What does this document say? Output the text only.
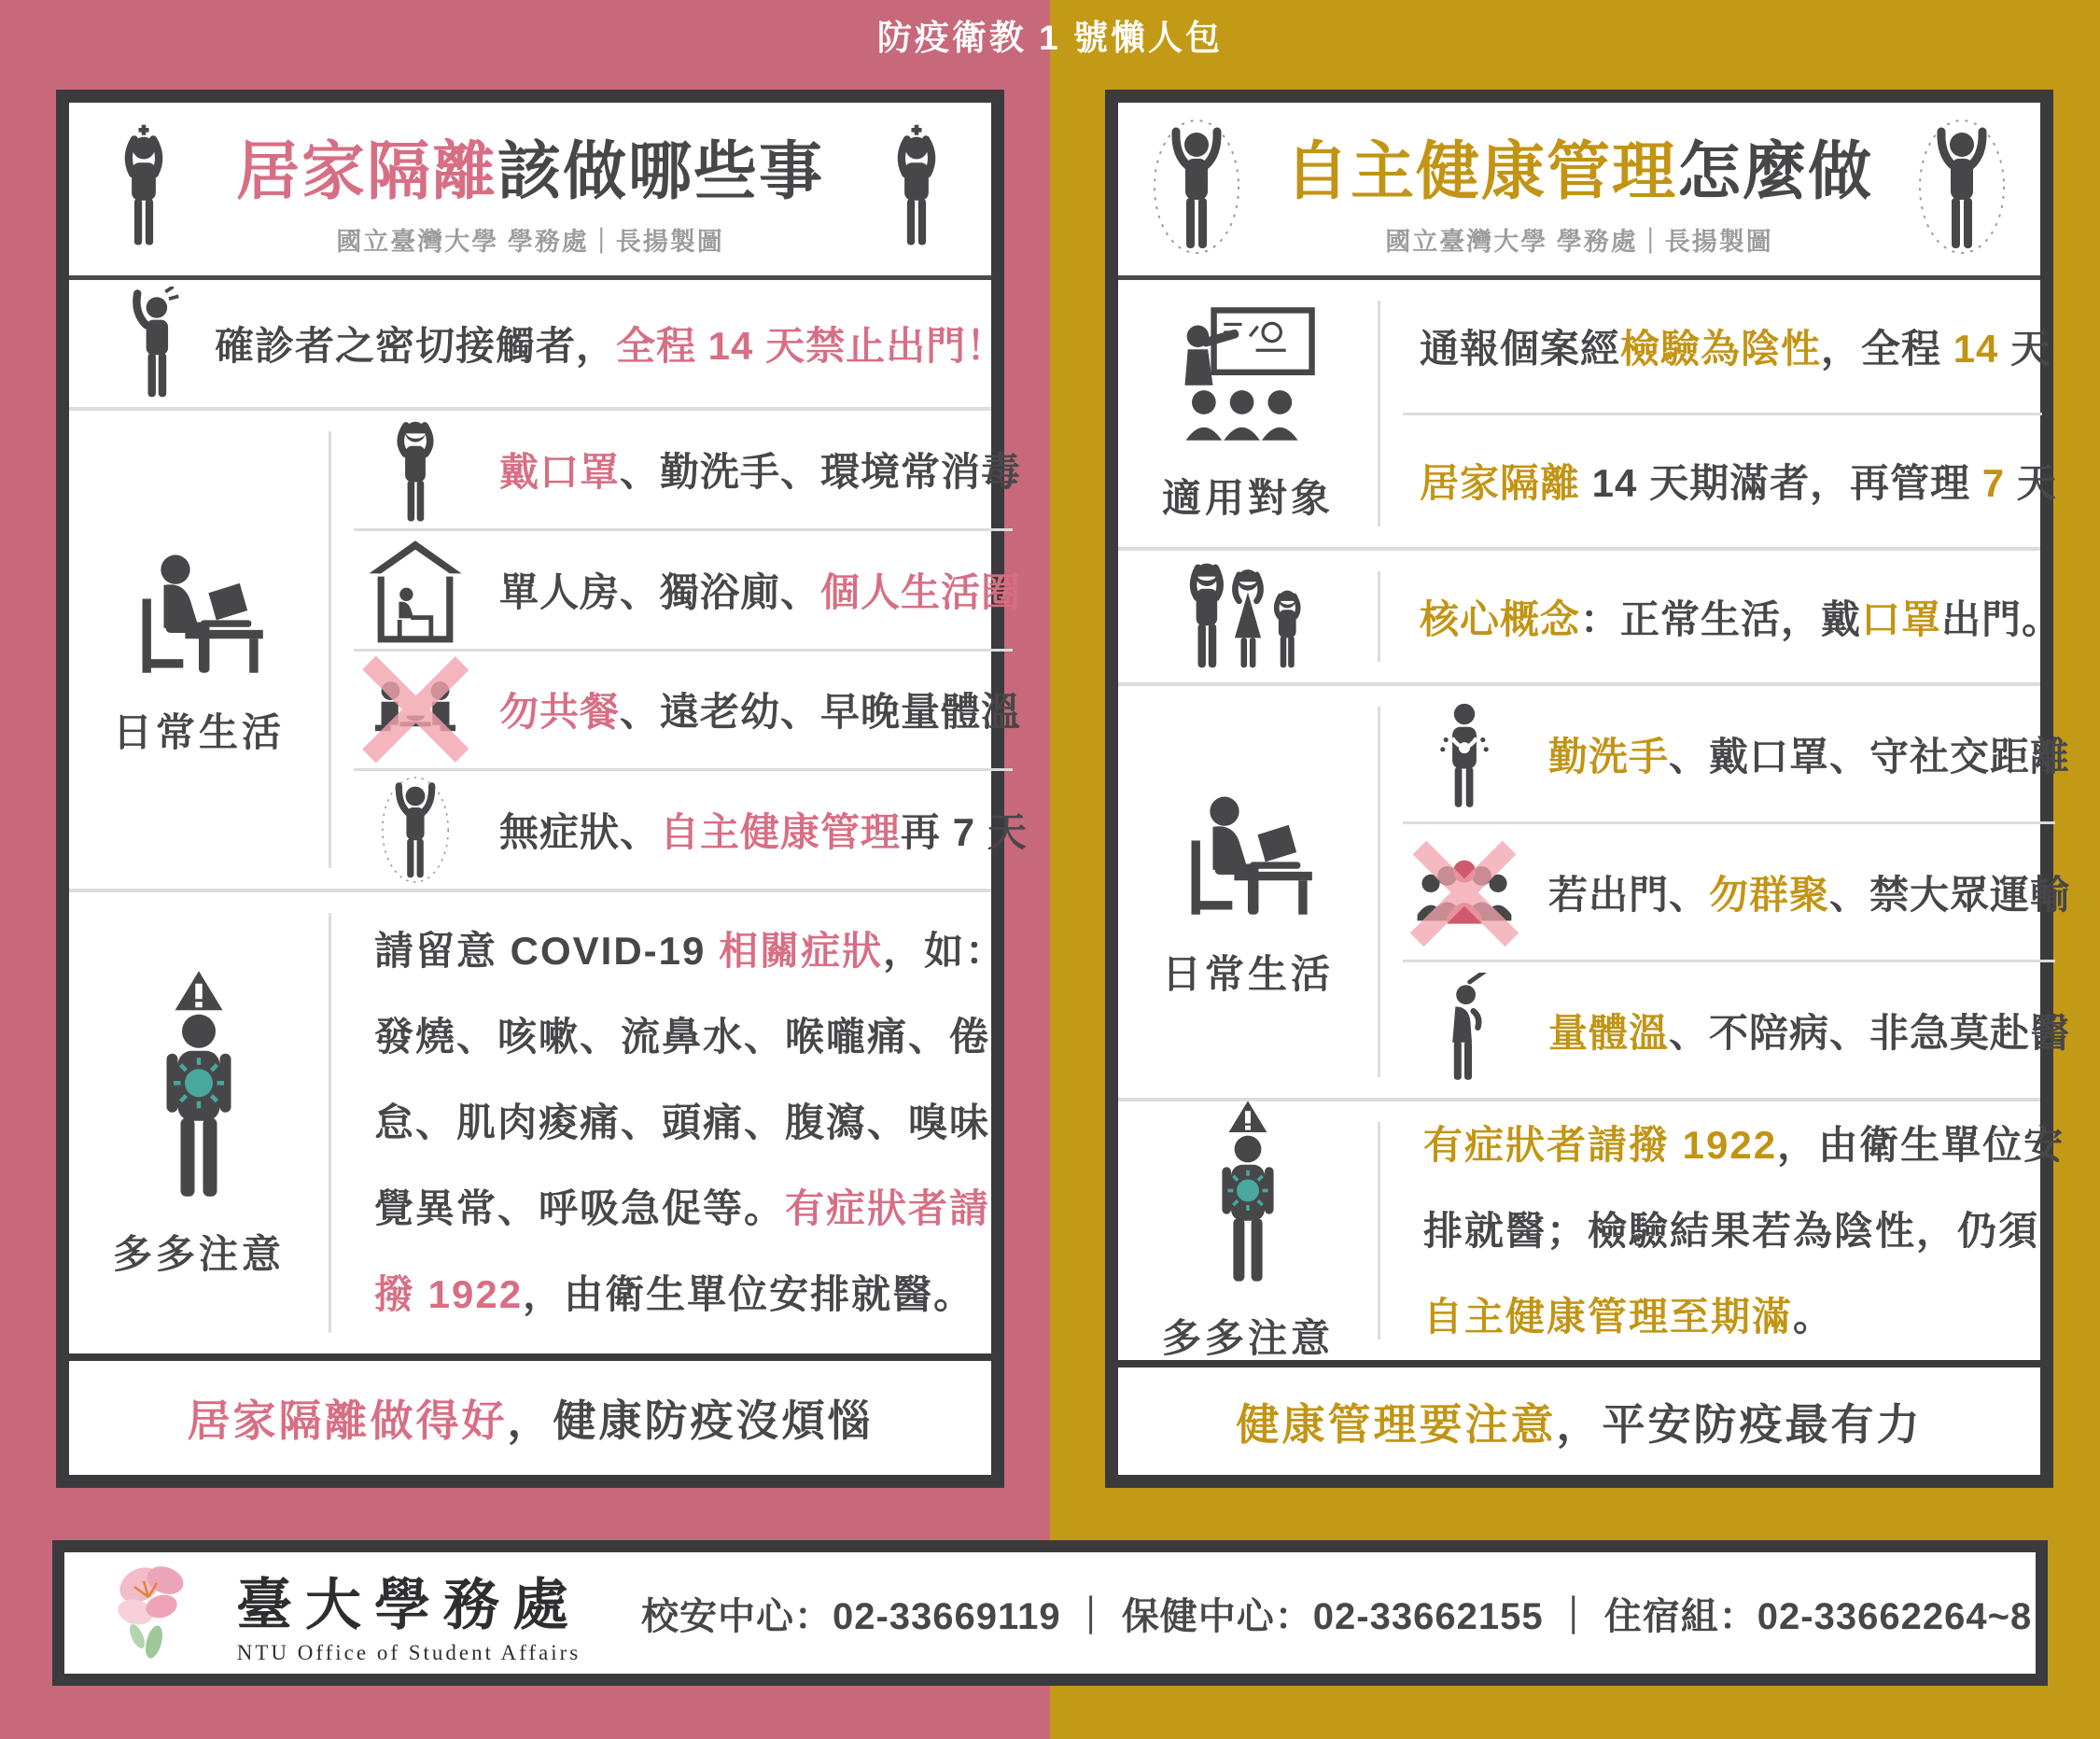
防疫衛教 1 號懶人包
居家隔離該做哪些事
國立臺灣大學 學務處｜長揚製圖
確診者之密切接觸者，全程 14 天禁止出門！
日常生活
戴口罩、勤洗手、環境常消毒
單人房、獨浴廁、個人生活圈
勿共餐、遠老幼、早晚量體溫
無症狀、自主健康管理再 7 天
多多注意
請留意 COVID-19 相關症狀，如：
發燒、咳嗽、流鼻水、喉嚨痛、倦
怠、肌肉痠痛、頭痛、腹瀉、嗅味
覺異常、呼吸急促等。有症狀者請
撥 1922，由衛生單位安排就醫。
居家隔離做得好 ，健康防疫沒煩惱
自主健康管理怎麼做
國立臺灣大學 學務處｜長揚製圖
適用對象
通報個案經檢驗為陰性，全程 14 天
居家隔離 14 天期滿者，再管理 7 天
核心概念：正常生活，戴口罩出門。
日常生活
勤洗手、戴口罩、守社交距離
若出門、勿群聚、禁大眾運輸
量體溫、不陪病、非急莫赴醫
多多注意
有症狀者請撥 1922，由衛生單位安
排就醫；檢驗結果若為陰性，仍須
自主健康管理至期滿。
健康管理要注意 ，平安防疫最有力
臺大學務處
NTU Office of Student Affairs
校安中心：02-33669119 ｜ 保健中心：02-33662155 ｜ 住宿組：02-33662264~8
